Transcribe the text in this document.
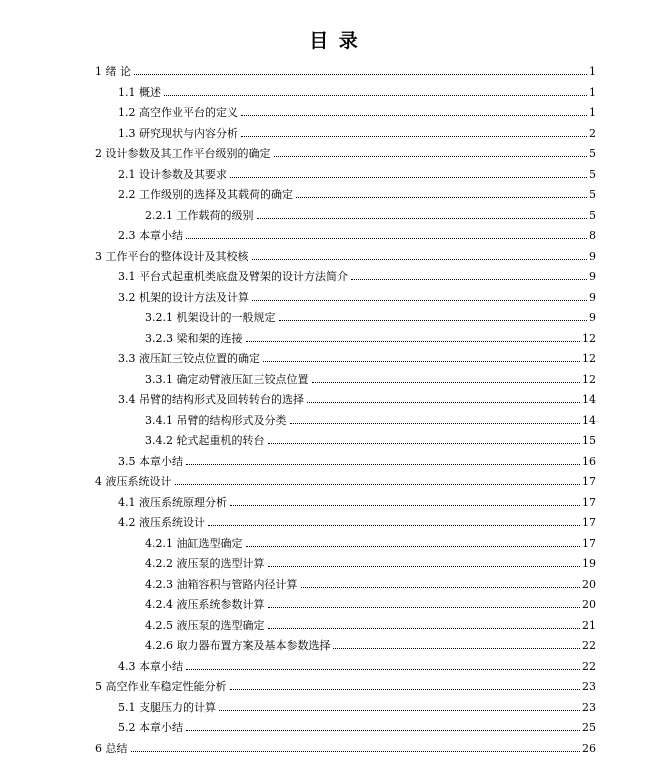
目 录
1 绪 论	1
1.1 概述	1
1.2 高空作业平台的定义	1
1.3 研究现状与内容分析	2
2 设计参数及其工作平台级别的确定	5
2.1 设计参数及其要求	5
2.2 工作级别的选择及其载荷的确定	5
2.2.1 工作载荷的级别	5
2.3 本章小结	8
3 工作平台的整体设计及其校核	9
3.1 平台式起重机类底盘及臂架的设计方法简介	9
3.2 机架的设计方法及计算	9
3.2.1 机架设计的一般规定	9
3.2.3 梁和架的连接	12
3.3 液压缸三铰点位置的确定	12
3.3.1 确定动臂液压缸三铰点位置	12
3.4 吊臂的结构形式及回转转台的选择	14
3.4.1 吊臂的结构形式及分类	14
3.4.2 轮式起重机的转台	15
3.5 本章小结	16
4 液压系统设计	17
4.1 液压系统原理分析	17
4.2 液压系统设计	17
4.2.1 油缸选型确定	17
4.2.2 液压泵的选型计算	19
4.2.3 油箱容积与管路内径计算	20
4.2.4 液压系统参数计算	20
4.2.5 液压泵的选型确定	21
4.2.6 取力器布置方案及基本参数选择	22
4.3 本章小结	22
5 高空作业车稳定性能分析	23
5.1 支腿压力的计算	23
5.2 本章小结	25
6 总结	26
